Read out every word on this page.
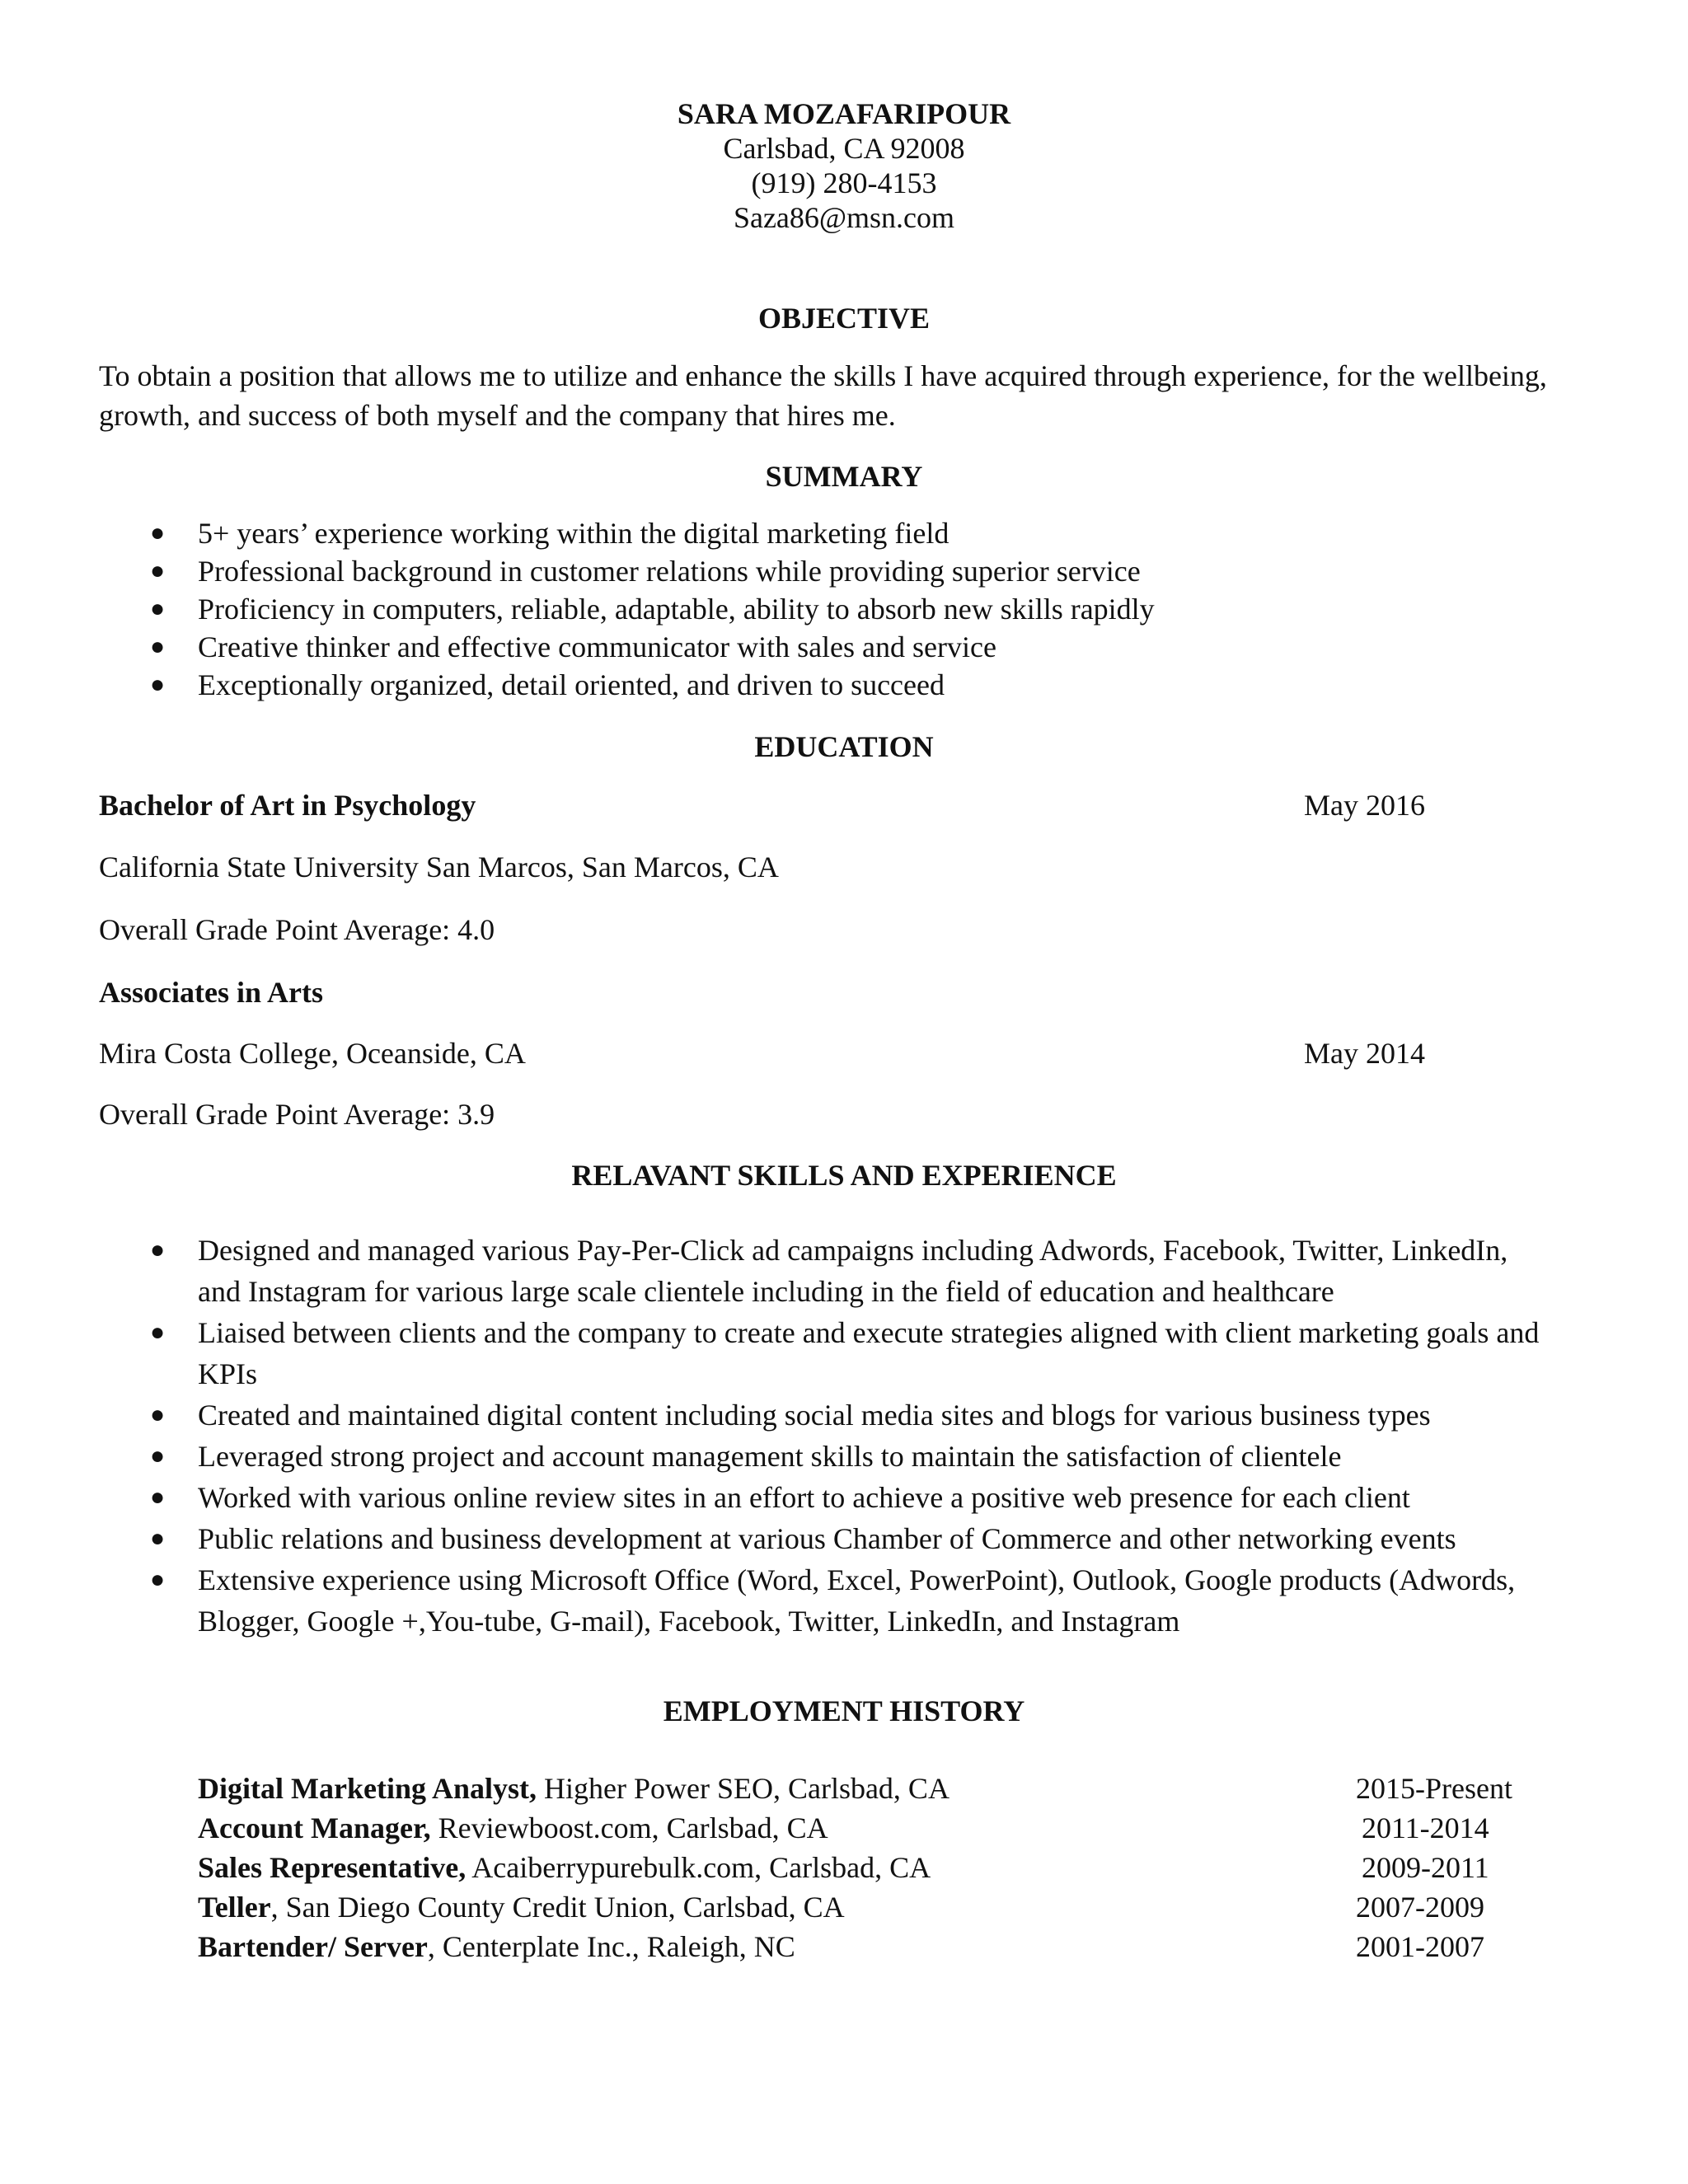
SARA MOZAFARIPOUR
Carlsbad, CA 92008
(919) 280-4153
Saza86@msn.com
OBJECTIVE
To obtain a position that allows me to utilize and enhance the skills I have acquired through experience, for the wellbeing,
growth, and success of both myself and the company that hires me.
SUMMARY
● 5+ years’ experience working within the digital marketing field
● Professional background in customer relations while providing superior service
● Proficiency in computers, reliable, adaptable, ability to absorb new skills rapidly
● Creative thinker and effective communicator with sales and service
● Exceptionally organized, detail oriented, and driven to succeed
EDUCATION
Bachelor of Art in Psychology	May 2016
California State University San Marcos, San Marcos, CA
Overall Grade Point Average: 4.0
Associates in Arts
Mira Costa College, Oceanside, CA	May 2014
Overall Grade Point Average: 3.9
RELAVANT SKILLS AND EXPERIENCE
● Designed and managed various Pay-Per-Click ad campaigns including Adwords, Facebook, Twitter, LinkedIn,
and Instagram for various large scale clientele including in the field of education and healthcare
● Liaised between clients and the company to create and execute strategies aligned with client marketing goals and
KPIs
● Created and maintained digital content including social media sites and blogs for various business types
● Leveraged strong project and account management skills to maintain the satisfaction of clientele
● Worked with various online review sites in an effort to achieve a positive web presence for each client
● Public relations and business development at various Chamber of Commerce and other networking events
● Extensive experience using Microsoft Office (Word, Excel, PowerPoint), Outlook, Google products (Adwords,
Blogger, Google +,You-tube, G-mail), Facebook, Twitter, LinkedIn, and Instagram
EMPLOYMENT HISTORY
Digital Marketing Analyst, Higher Power SEO, Carlsbad, CA	2015-Present
Account Manager, Reviewboost.com, Carlsbad, CA	2011-2014
Sales Representative, Acaiberrypurebulk.com, Carlsbad, CA	2009-2011
Teller, San Diego County Credit Union, Carlsbad, CA	2007-2009
Bartender/ Server, Centerplate Inc., Raleigh, NC	2001-2007
